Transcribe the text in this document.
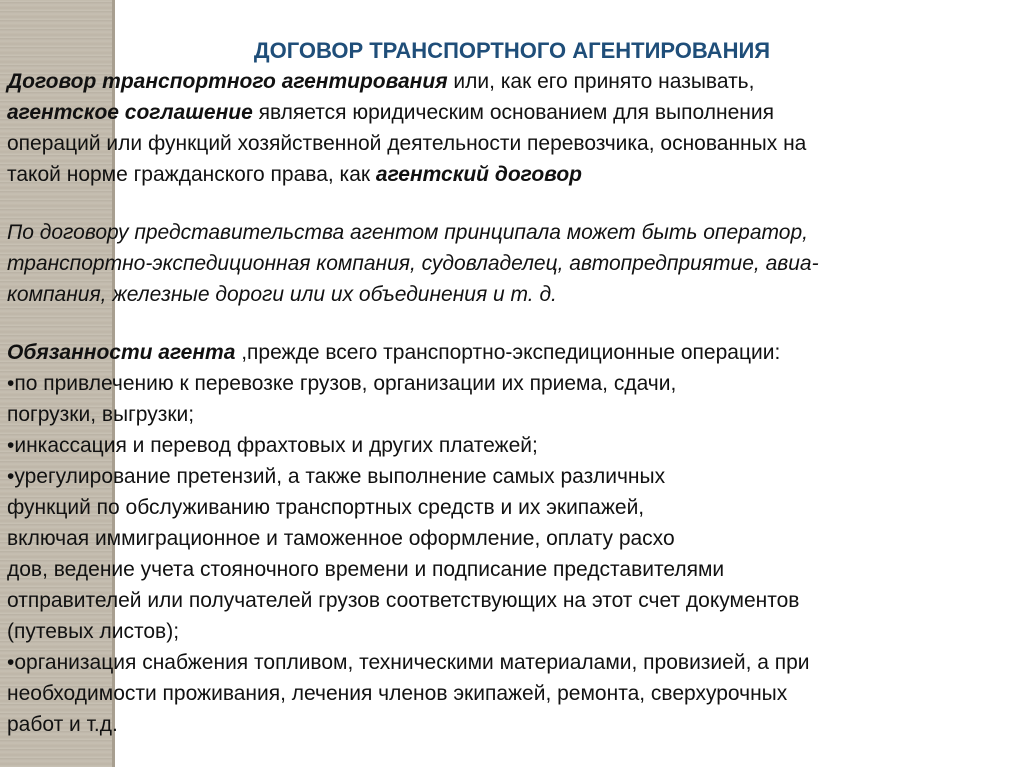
ДОГОВОР ТРАНСПОРТНОГО АГЕНТИРОВАНИЯ
Договор транспортного агентирования или, как его принято называть,
агентское соглашение является юридическим основанием для выполнения
операций или функций хозяйственной деятельности перевозчика, основанных на
такой норме гражданского права, как агентский договор
По договору представительства агентом принципала может быть оператор,
транспортно-экспедиционная компания, судовладелец, автопредприятие, авиа-
компания, железные дороги или их объединения и т. д.
Обязанности агента ,прежде всего транспортно-экспедиционные операции:
•по привлечению к перевозке грузов, организации их приема, сдачи,
погрузки, выгрузки;
•инкассация и перевод фрахтовых и других платежей;
•урегулирование претензий, а также выполнение самых различных
функций по обслуживанию транспортных средств и их экипажей,
включая иммиграционное и таможенное оформление, оплату расхо
дов, ведение учета стояночного времени и подписание представителями
отправителей или получателей грузов соответствующих на этот счет документов
(путевых листов);
•организация снабжения топливом, техническими материалами, провизией, а при
необходимости проживания, лечения членов экипажей, ремонта, сверхурочных
работ и т.д.
